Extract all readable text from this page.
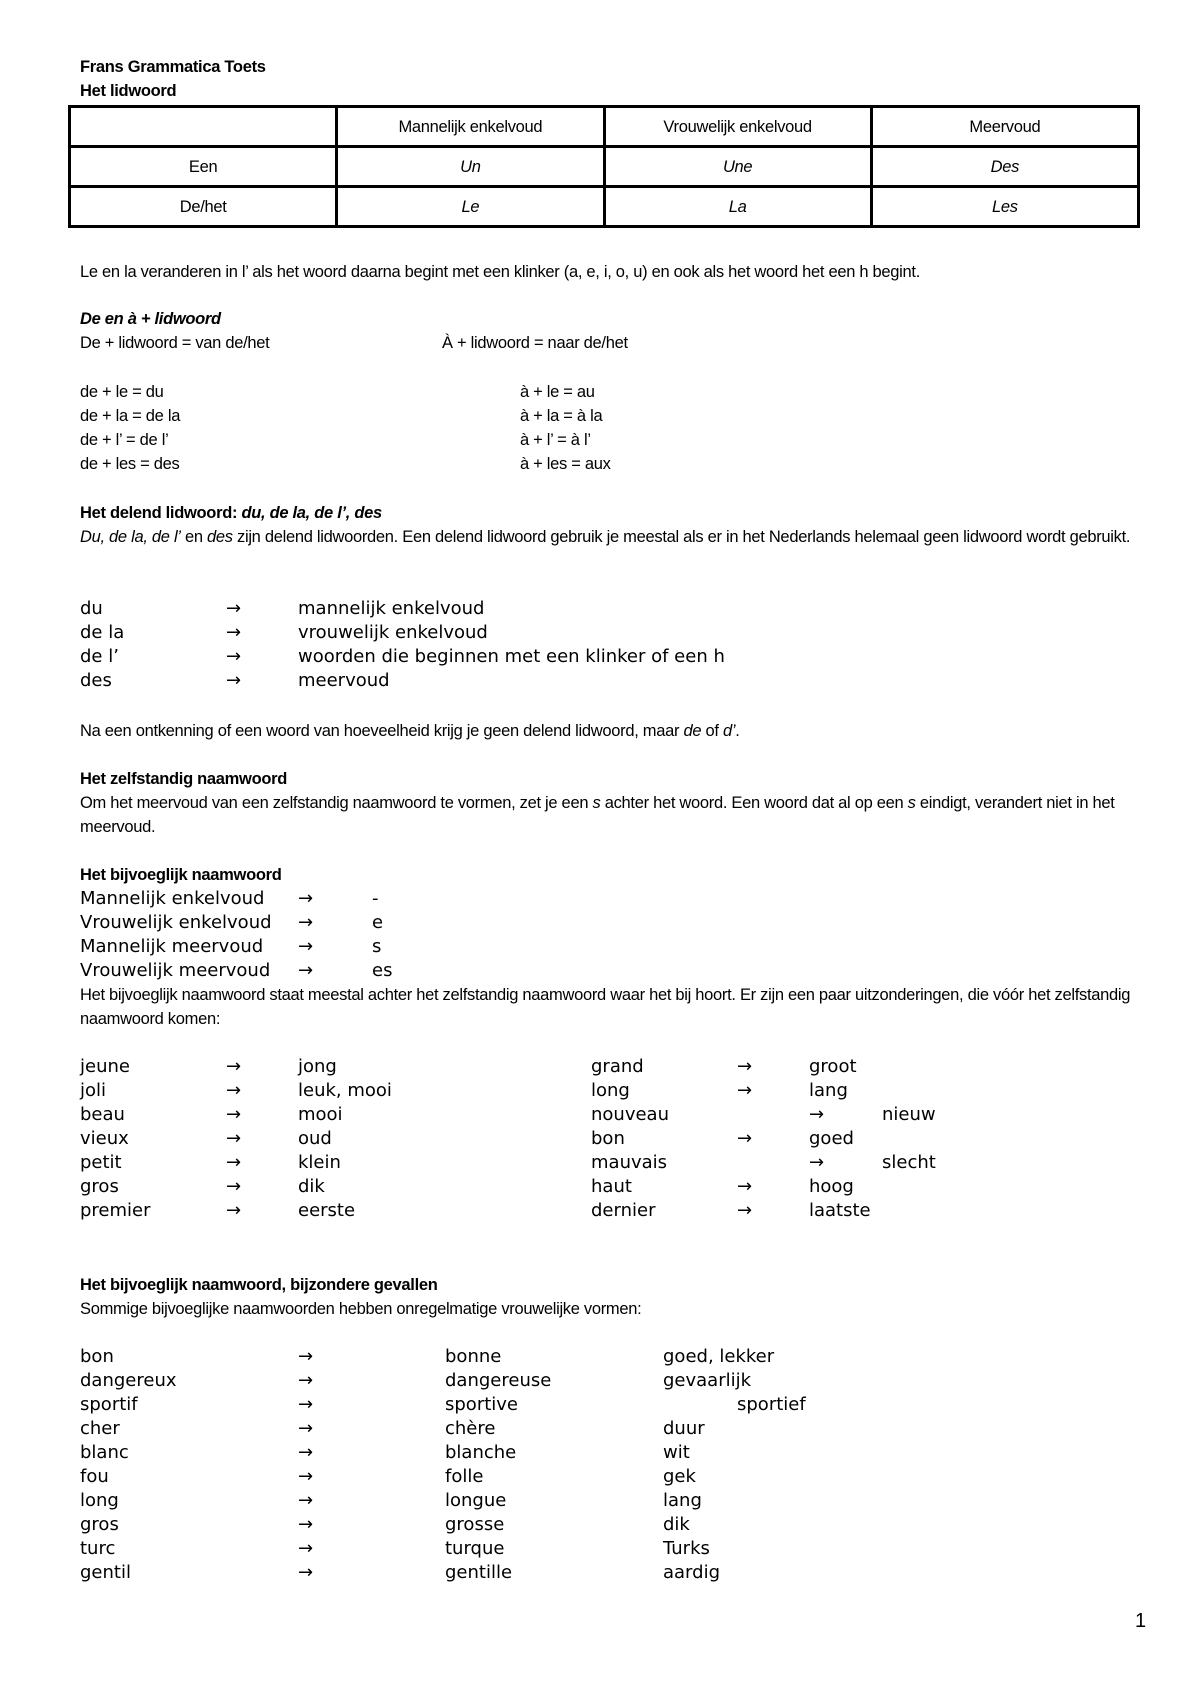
Frans Grammatica Toets
Het lidwoord
	Mannelijk enkelvoud	Vrouwelijk enkelvoud	Meervoud
Een	Un	Une	Des
De/het	Le	La	Les
Le en la veranderen in l’ als het woord daarna begint met een klinker (a, e, i, o, u) en ook als het woord het een h begint.
De en à + lidwoord
De + lidwoord = van de/het	À + lidwoord = naar de/het
de + le = du
de + la = de la
de + l’ = de l’
de + les = des
à + le = au
à + la = à la
à + l’ = à l’
à + les = aux
Het delend lidwoord: du, de la, de l’, des
Du, de la, de l’ en des zijn delend lidwoorden. Een delend lidwoord gebruik je meestal als er in het Nederlands helemaal geen lidwoord wordt gebruikt.
du	→	mannelijk enkelvoud
de la	→	vrouwelijk enkelvoud
de l’	→	woorden die beginnen met een klinker of een h
des	→	meervoud
Na een ontkenning of een woord van hoeveelheid krijg je geen delend lidwoord, maar de of d’.
Het zelfstandig naamwoord
Om het meervoud van een zelfstandig naamwoord te vormen, zet je een s achter het woord. Een woord dat al op een s eindigt, verandert niet in het meervoud.
Het bijvoeglijk naamwoord
Mannelijk enkelvoud →	-
Vrouwelijk enkelvoud →	e
Mannelijk meervoud →	s
Vrouwelijk meervoud →	es
Het bijvoeglijk naamwoord staat meestal achter het zelfstandig naamwoord waar het bij hoort. Er zijn een paar uitzonderingen, die vóór het zelfstandig naamwoord komen:
jeune	→	jong
joli	→	leuk, mooi
beau	→	mooi
vieux	→	oud
petit	→	klein
gros	→	dik
premier	→	eerste
grand	→	groot
long	→	lang
nouveau	→	nieuw
bon	→	goed
mauvais	→	slecht
haut	→	hoog
dernier	→	laatste
Het bijvoeglijk naamwoord, bijzondere gevallen
Sommige bijvoeglijke naamwoorden hebben onregelmatige vrouwelijke vormen:
bon	→	bonne	goed, lekker
dangereux	→	dangereuse	gevaarlijk
sportif	→	sportive	sportief
cher	→	chère	duur
blanc	→	blanche	wit
fou	→	folle	gek
long	→	longue	lang
gros	→	grosse	dik
turc	→	turque	Turks
gentil	→	gentille	aardig
1
